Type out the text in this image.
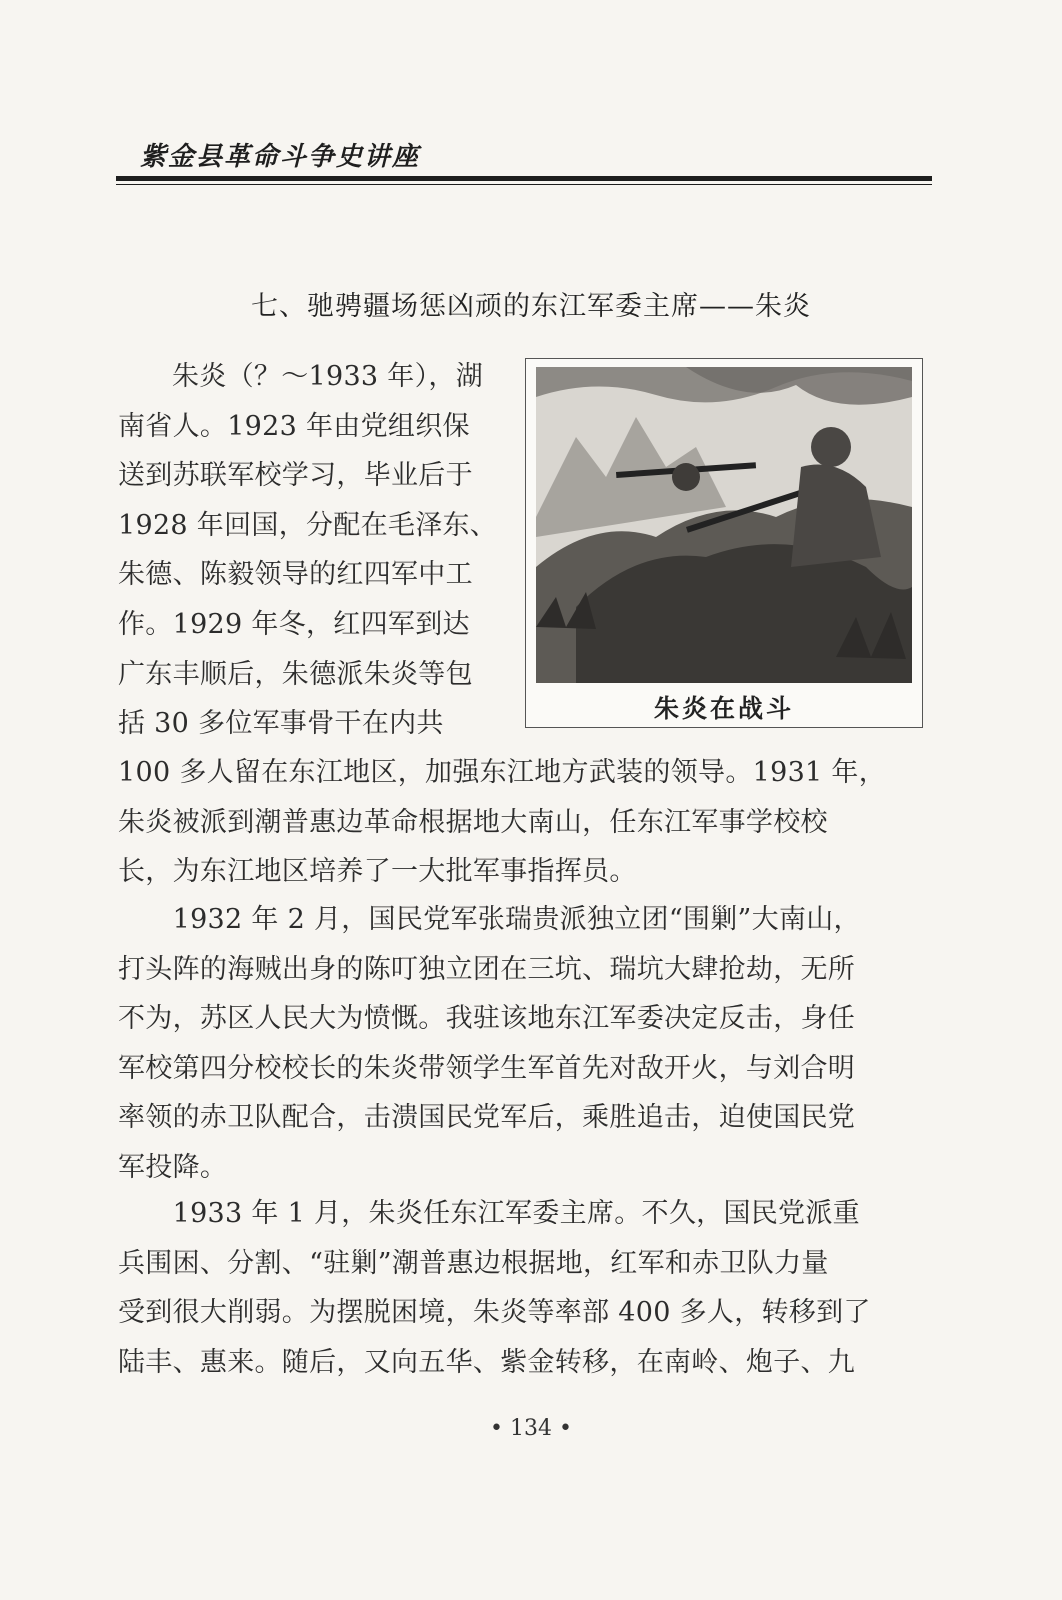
紫金县革命斗争史讲座
七、驰骋疆场惩凶顽的东江军委主席——朱炎

朱炎（？～1933 年），湖
南省人。1923 年由党组织保
送到苏联军校学习，毕业后于
1928 年回国，分配在毛泽东、
朱德、陈毅领导的红四军中工
作。1929 年冬，红四军到达
广东丰顺后，朱德派朱炎等包
括 30 多位军事骨干在内共

100 多人留在东江地区，加强东江地方武装的领导。1931 年，
朱炎被派到潮普惠边革命根据地大南山，任东江军事学校校
长，为东江地区培养了一大批军事指挥员。

朱炎在战斗

　　1932 年 2 月，国民党军张瑞贵派独立团“围剿”大南山，
打头阵的海贼出身的陈叮独立团在三坑、瑞坑大肆抢劫，无所
不为，苏区人民大为愤慨。我驻该地东江军委决定反击，身任
军校第四分校校长的朱炎带领学生军首先对敌开火，与刘合明
率领的赤卫队配合，击溃国民党军后，乘胜追击，迫使国民党
军投降。

　　1933 年 1 月，朱炎任东江军委主席。不久，国民党派重
兵围困、分割、“驻剿”潮普惠边根据地，红军和赤卫队力量
受到很大削弱。为摆脱困境，朱炎等率部 400 多人，转移到了
陆丰、惠来。随后，又向五华、紫金转移，在南岭、炮子、九

• 134 •
